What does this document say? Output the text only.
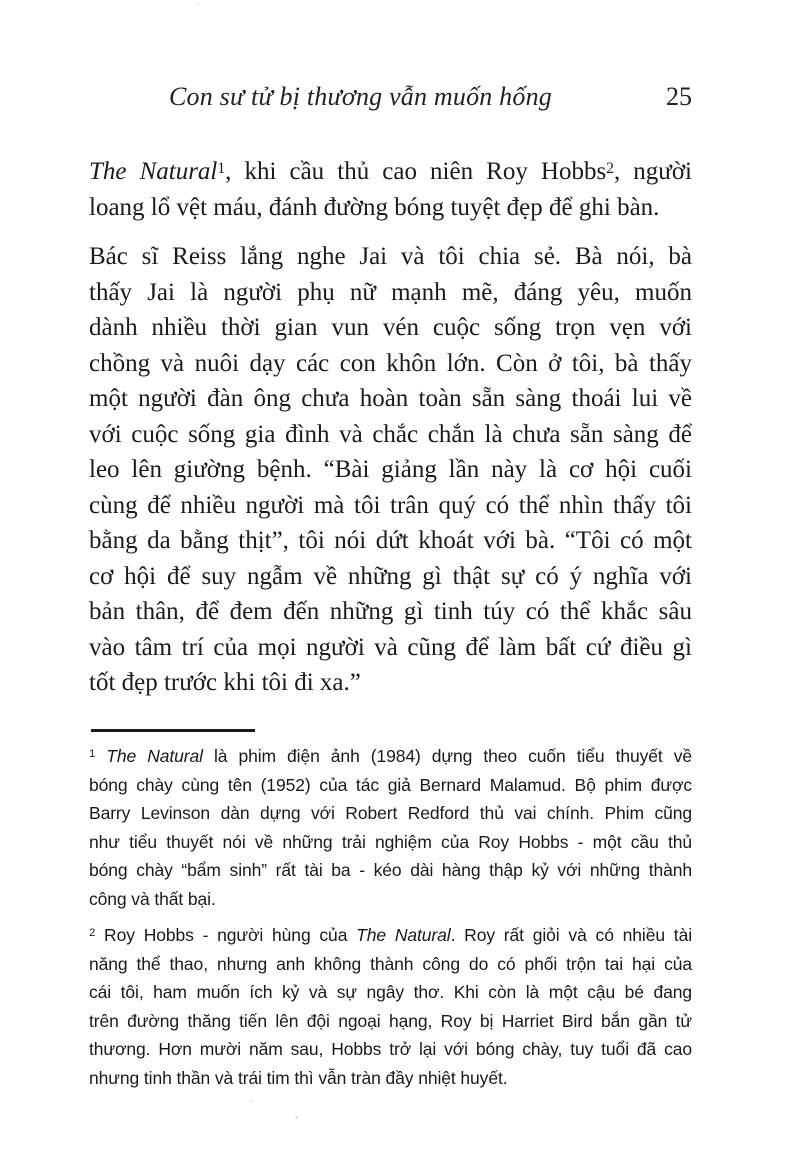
Con sư tử bị thương vẫn muốn hống	25
The Natural$^1$, khi cầu thủ cao niên Roy Hobbs$^2$, người
loang lổ vệt máu, đánh đường bóng tuyệt đẹp để ghi bàn.
Bác sĩ Reiss lắng nghe Jai và tôi chia sẻ. Bà nói, bà
thấy Jai là người phụ nữ mạnh mẽ, đáng yêu, muốn
dành nhiều thời gian vun vén cuộc sống trọn vẹn với
chồng và nuôi dạy các con khôn lớn. Còn ở tôi, bà thấy
một người đàn ông chưa hoàn toàn sẵn sàng thoái lui về
với cuộc sống gia đình và chắc chắn là chưa sẵn sàng để
leo lên giường bệnh. “Bài giảng lần này là cơ hội cuối
cùng để nhiều người mà tôi trân quý có thể nhìn thấy tôi
bằng da bằng thịt”, tôi nói dứt khoát với bà. “Tôi có một
cơ hội để suy ngẫm về những gì thật sự có ý nghĩa với
bản thân, để đem đến những gì tinh túy có thể khắc sâu
vào tâm trí của mọi người và cũng để làm bất cứ điều gì
tốt đẹp trước khi tôi đi xa.”
$^1$ The Natural là phim điện ảnh (1984) dựng theo cuốn tiểu thuyết về
bóng chày cùng tên (1952) của tác giả Bernard Malamud. Bộ phim được
Barry Levinson dàn dựng với Robert Redford thủ vai chính. Phim cũng
như tiểu thuyết nói về những trải nghiệm của Roy Hobbs - một cầu thủ
bóng chày “bẩm sinh” rất tài ba - kéo dài hàng thập kỷ với những thành
công và thất bại.
$^2$ Roy Hobbs - người hùng của The Natural. Roy rất giỏi và có nhiều tài
năng thể thao, nhưng anh không thành công do có phối trộn tai hại của
cái tôi, ham muốn ích kỷ và sự ngây thơ. Khi còn là một cậu bé đang
trên đường thăng tiến lên đội ngoại hạng, Roy bị Harriet Bird bắn gần tử
thương. Hơn mười năm sau, Hobbs trở lại với bóng chày, tuy tuổi đã cao
nhưng tinh thần và trái tim thì vẫn tràn đầy nhiệt huyết.
